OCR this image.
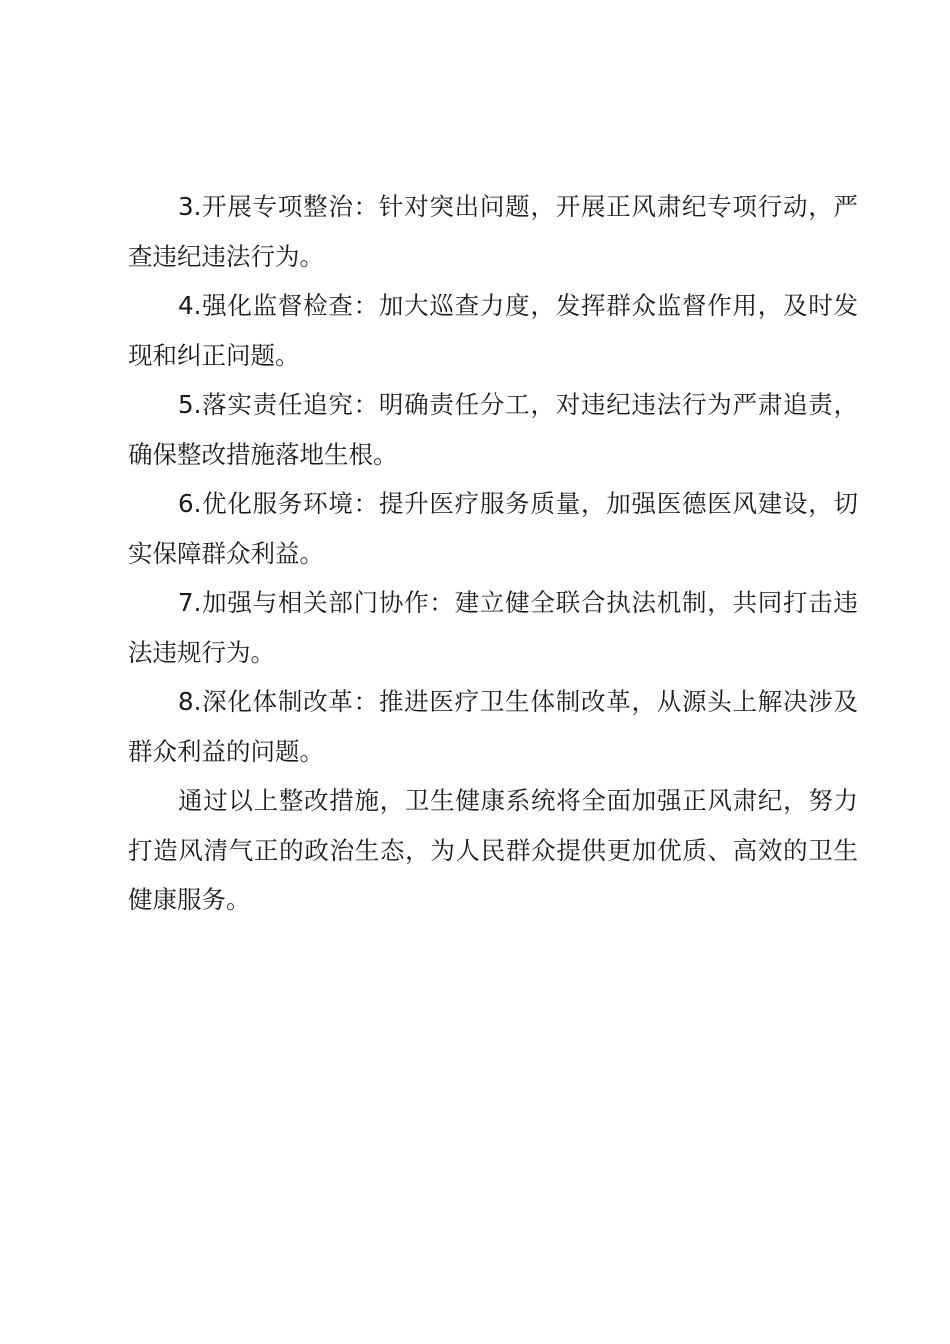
3.开展专项整治：针对突出问题，开展正风肃纪专项行动，严查违纪违法行为。

4.强化监督检查：加大巡查力度，发挥群众监督作用，及时发现和纠正问题。

5.落实责任追究：明确责任分工，对违纪违法行为严肃追责，确保整改措施落地生根。

6.优化服务环境：提升医疗服务质量，加强医德医风建设，切实保障群众利益。

7.加强与相关部门协作：建立健全联合执法机制，共同打击违法违规行为。

8.深化体制改革：推进医疗卫生体制改革，从源头上解决涉及群众利益的问题。

通过以上整改措施，卫生健康系统将全面加强正风肃纪，努力打造风清气正的政治生态，为人民群众提供更加优质、高效的卫生健康服务。
